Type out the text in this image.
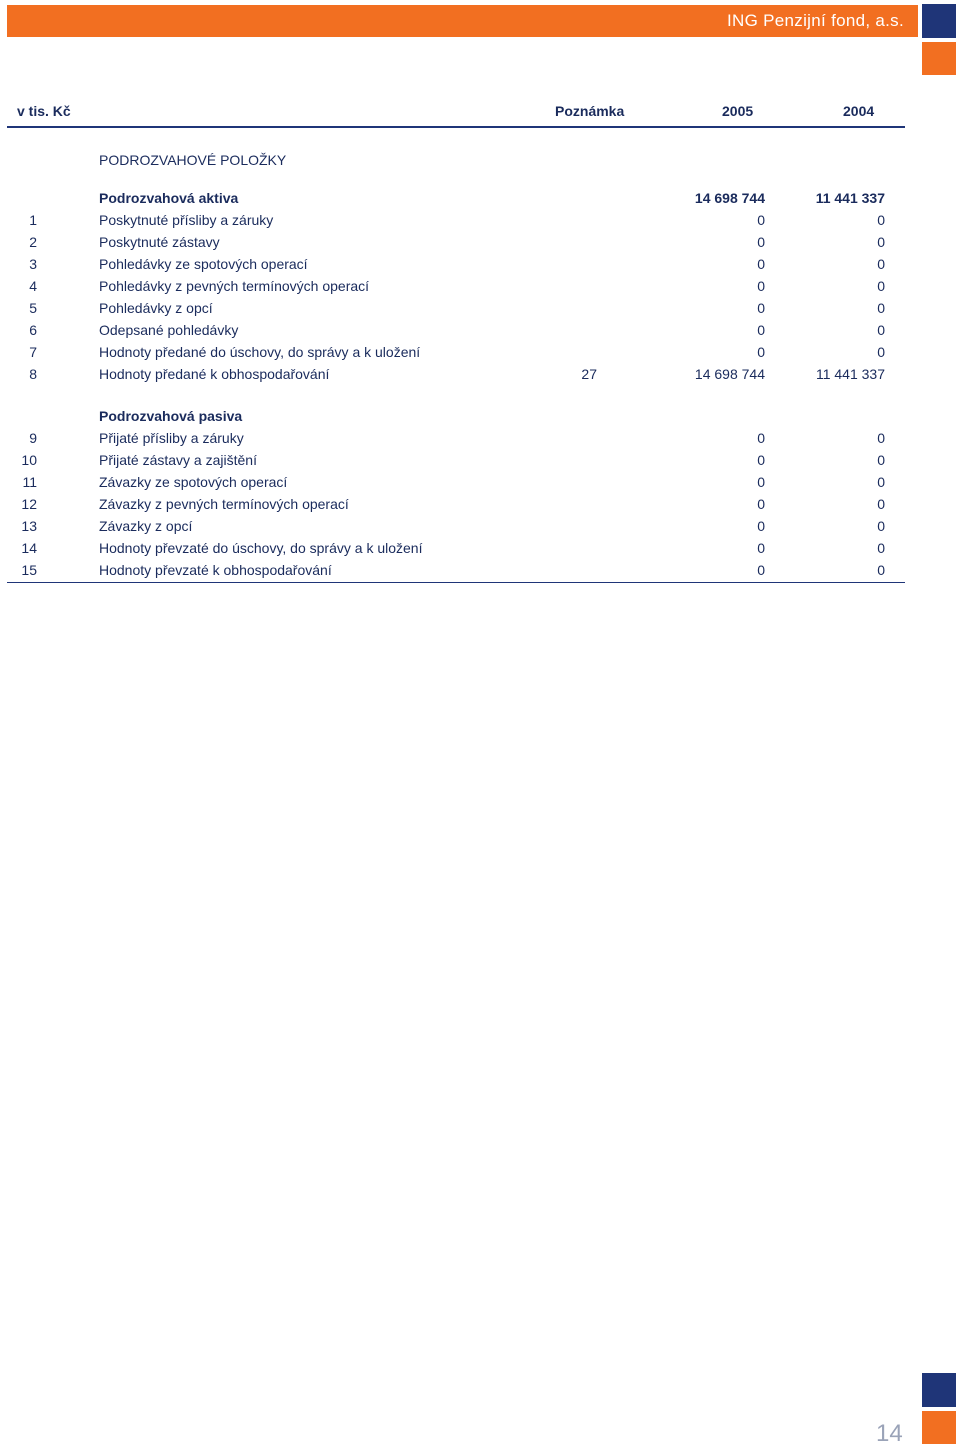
ING Penzijní fond, a.s.
v tis. Kč	Poznámka	2005	2004
PODROZVAHOVÉ POLOŽKY
Podrozvahová aktiva	14 698 744	11 441 337
1	Poskytnuté přísliby a záruky	0	0
2	Poskytnuté zástavy	0	0
3	Pohledávky ze spotových operací	0	0
4	Pohledávky z pevných termínových operací	0	0
5	Pohledávky z opcí	0	0
6	Odepsané pohledávky	0	0
7	Hodnoty předané do úschovy, do správy a k uložení	0	0
8	Hodnoty předané k obhospodařování	27	14 698 744	11 441 337
Podrozvahová pasiva
9	Přijaté přísliby a záruky	0	0
10	Přijaté zástavy a zajištění	0	0
11	Závazky ze spotových operací	0	0
12	Závazky z pevných termínových operací	0	0
13	Závazky z opcí	0	0
14	Hodnoty převzaté do úschovy, do správy a k uložení	0	0
15	Hodnoty převzaté k obhospodařování	0	0
14
